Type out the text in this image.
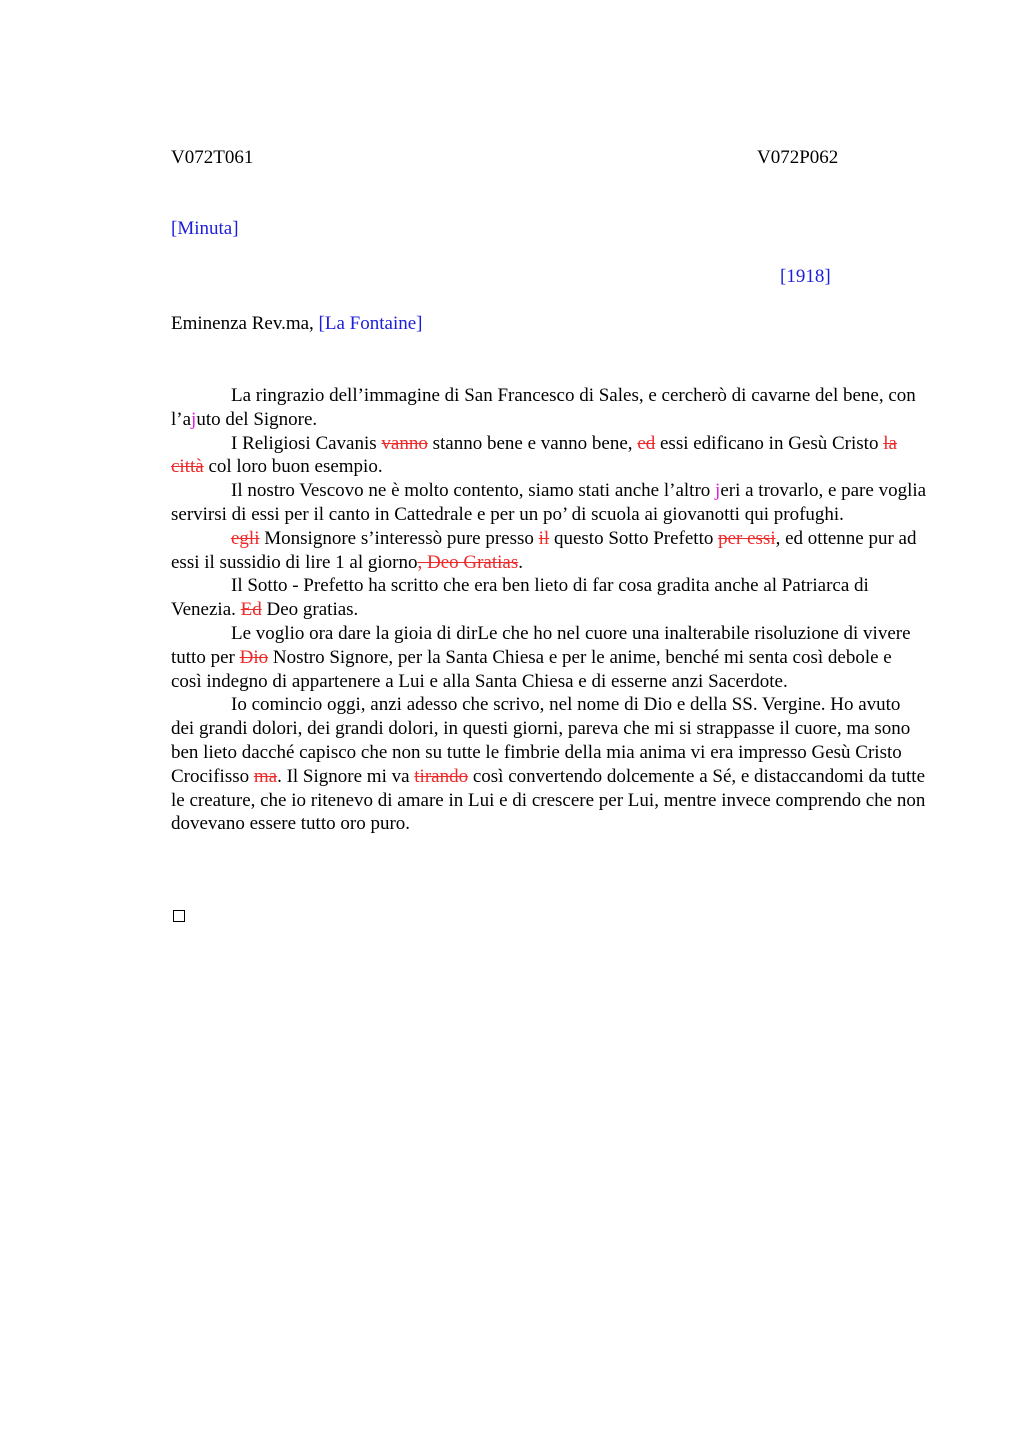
V072T061	V072P062
[Minuta]
[1918]
Eminenza Rev.ma, [La Fontaine]

La ringrazio dell’immagine di San Francesco di Sales, e cercherò di cavarne del bene, con l’ajuto del Signore.

I Religiosi Cavanis vanno stanno bene e vanno bene, ed essi edificano in Gesù Cristo la città col loro buon esempio.

Il nostro Vescovo ne è molto contento, siamo stati anche l’altro jeri a trovarlo, e pare voglia servirsi di essi per il canto in Cattedrale e per un po’ di scuola ai giovanotti qui profughi.

egli Monsignore s’interessò pure presso il questo Sotto Prefetto per essi, ed ottenne pur ad essi il sussidio di lire 1 al giorno, Deo Gratias.

Il Sotto - Prefetto ha scritto che era ben lieto di far cosa gradita anche al Patriarca di Venezia. Ed Deo gratias.

Le voglio ora dare la gioia di dirLe che ho nel cuore una inalterabile risoluzione di vivere tutto per Dio Nostro Signore, per la Santa Chiesa e per le anime, benché mi senta così debole e così indegno di appartenere a Lui e alla Santa Chiesa e di esserne anzi Sacerdote.

Io comincio oggi, anzi adesso che scrivo, nel nome di Dio e della SS. Vergine. Ho avuto dei grandi dolori, dei grandi dolori, in questi giorni, pareva che mi si strappasse il cuore, ma sono ben lieto dacché capisco che non su tutte le fimbrie della mia anima vi era impresso Gesù Cristo Crocifisso ma. Il Signore mi va tirando così convertendo dolcemente a Sé, e distaccandomi da tutte le creature, che io ritenevo di amare in Lui e di crescere per Lui, mentre invece comprendo che non dovevano essere tutto oro puro.
